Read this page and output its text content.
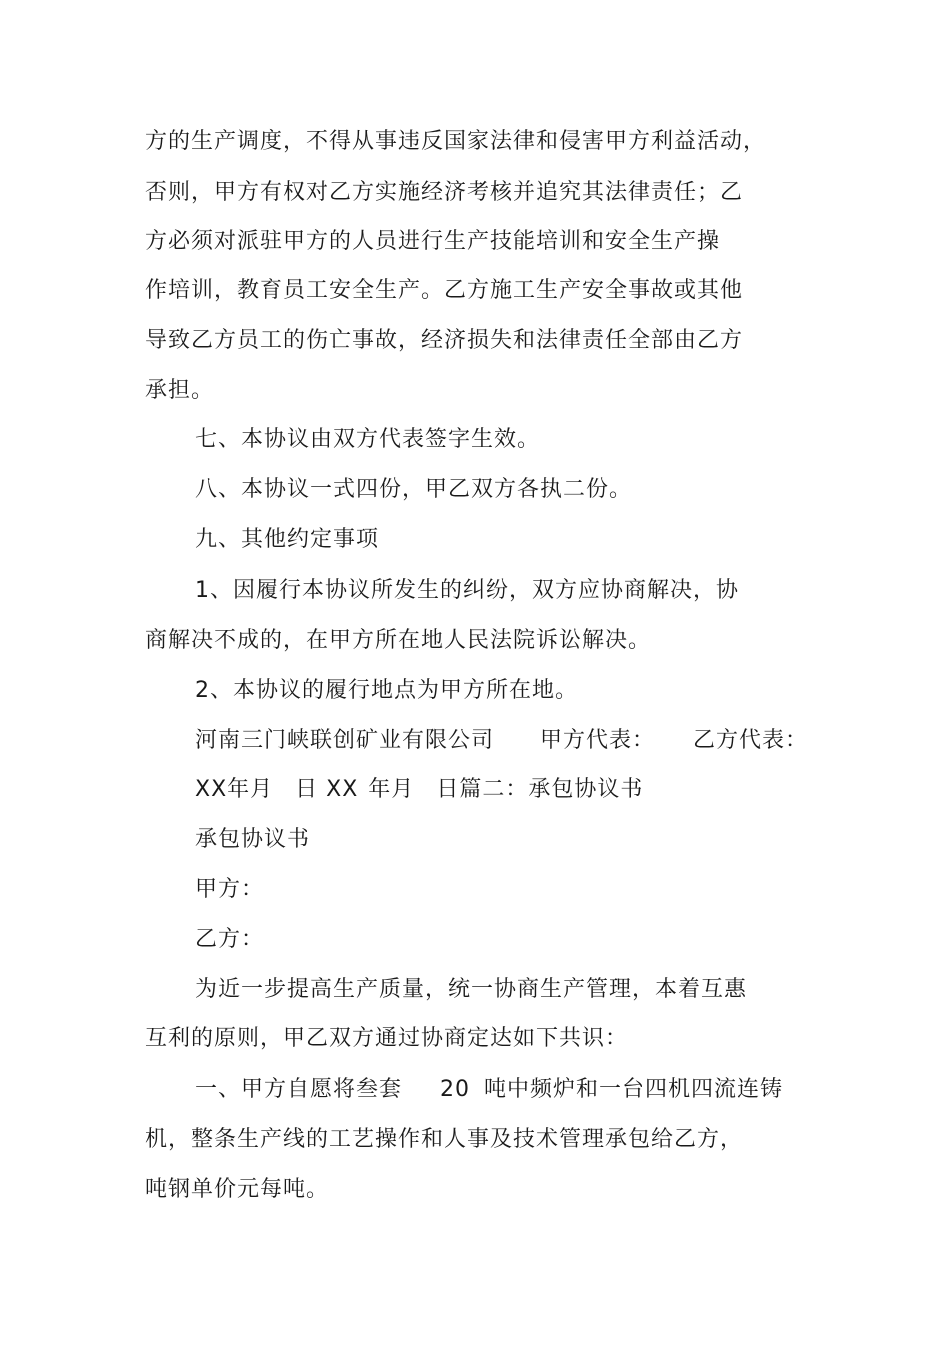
方的生产调度，不得从事违反国家法律和侵害甲方利益活动，
否则，甲方有权对乙方实施经济考核并追究其法律责任；乙
方必须对派驻甲方的人员进行生产技能培训和安全生产操
作培训，教育员工安全生产。乙方施工生产安全事故或其他
导致乙方员工的伤亡事故，经济损失和法律责任全部由乙方
承担。
七、本协议由双方代表签字生效。
八、本协议一式四份，甲乙双方各执二份。
九、其他约定事项
1、因履行本协议所发生的纠纷，双方应协商解决，协
商解决不成的，在甲方所在地人民法院诉讼解决。
2、本协议的履行地点为甲方所在地。
河南三门峡联创矿业有限公司 甲方代表： 乙方代表：
XX年月 日 XX 年月 日篇二：承包协议书
承包协议书
甲方：
乙方：
为近一步提高生产质量，统一协商生产管理，本着互惠
互利的原则，甲乙双方通过协商定达如下共识：
一、甲方自愿将叁套 20 吨中频炉和一台四机四流连铸
机，整条生产线的工艺操作和人事及技术管理承包给乙方，
吨钢单价元每吨。
